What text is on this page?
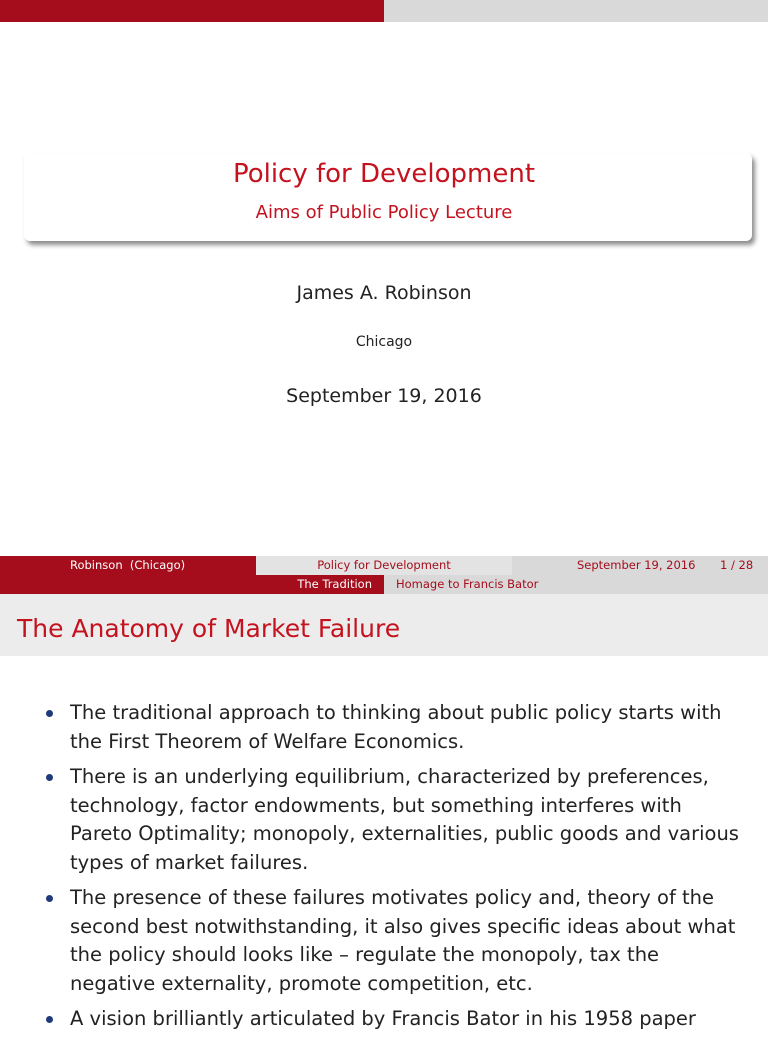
Policy for Development
Aims of Public Policy Lecture
James A. Robinson
Chicago
September 19, 2016
Robinson  (Chicago)	Policy for Development	September 19, 2016 1 / 28
The Tradition Homage to Francis Bator
The Anatomy of Market Failure
The traditional approach to thinking about public policy starts with the First Theorem of Welfare Economics.
There is an underlying equilibrium, characterized by preferences, technology, factor endowments, but something interferes with Pareto Optimality; monopoly, externalities, public goods and various types of market failures.
The presence of these failures motivates policy and, theory of the second best notwithstanding, it also gives specific ideas about what the policy should looks like – regulate the monopoly, tax the negative externality, promote competition, etc.
A vision brilliantly articulated by Francis Bator in his 1958 paper
